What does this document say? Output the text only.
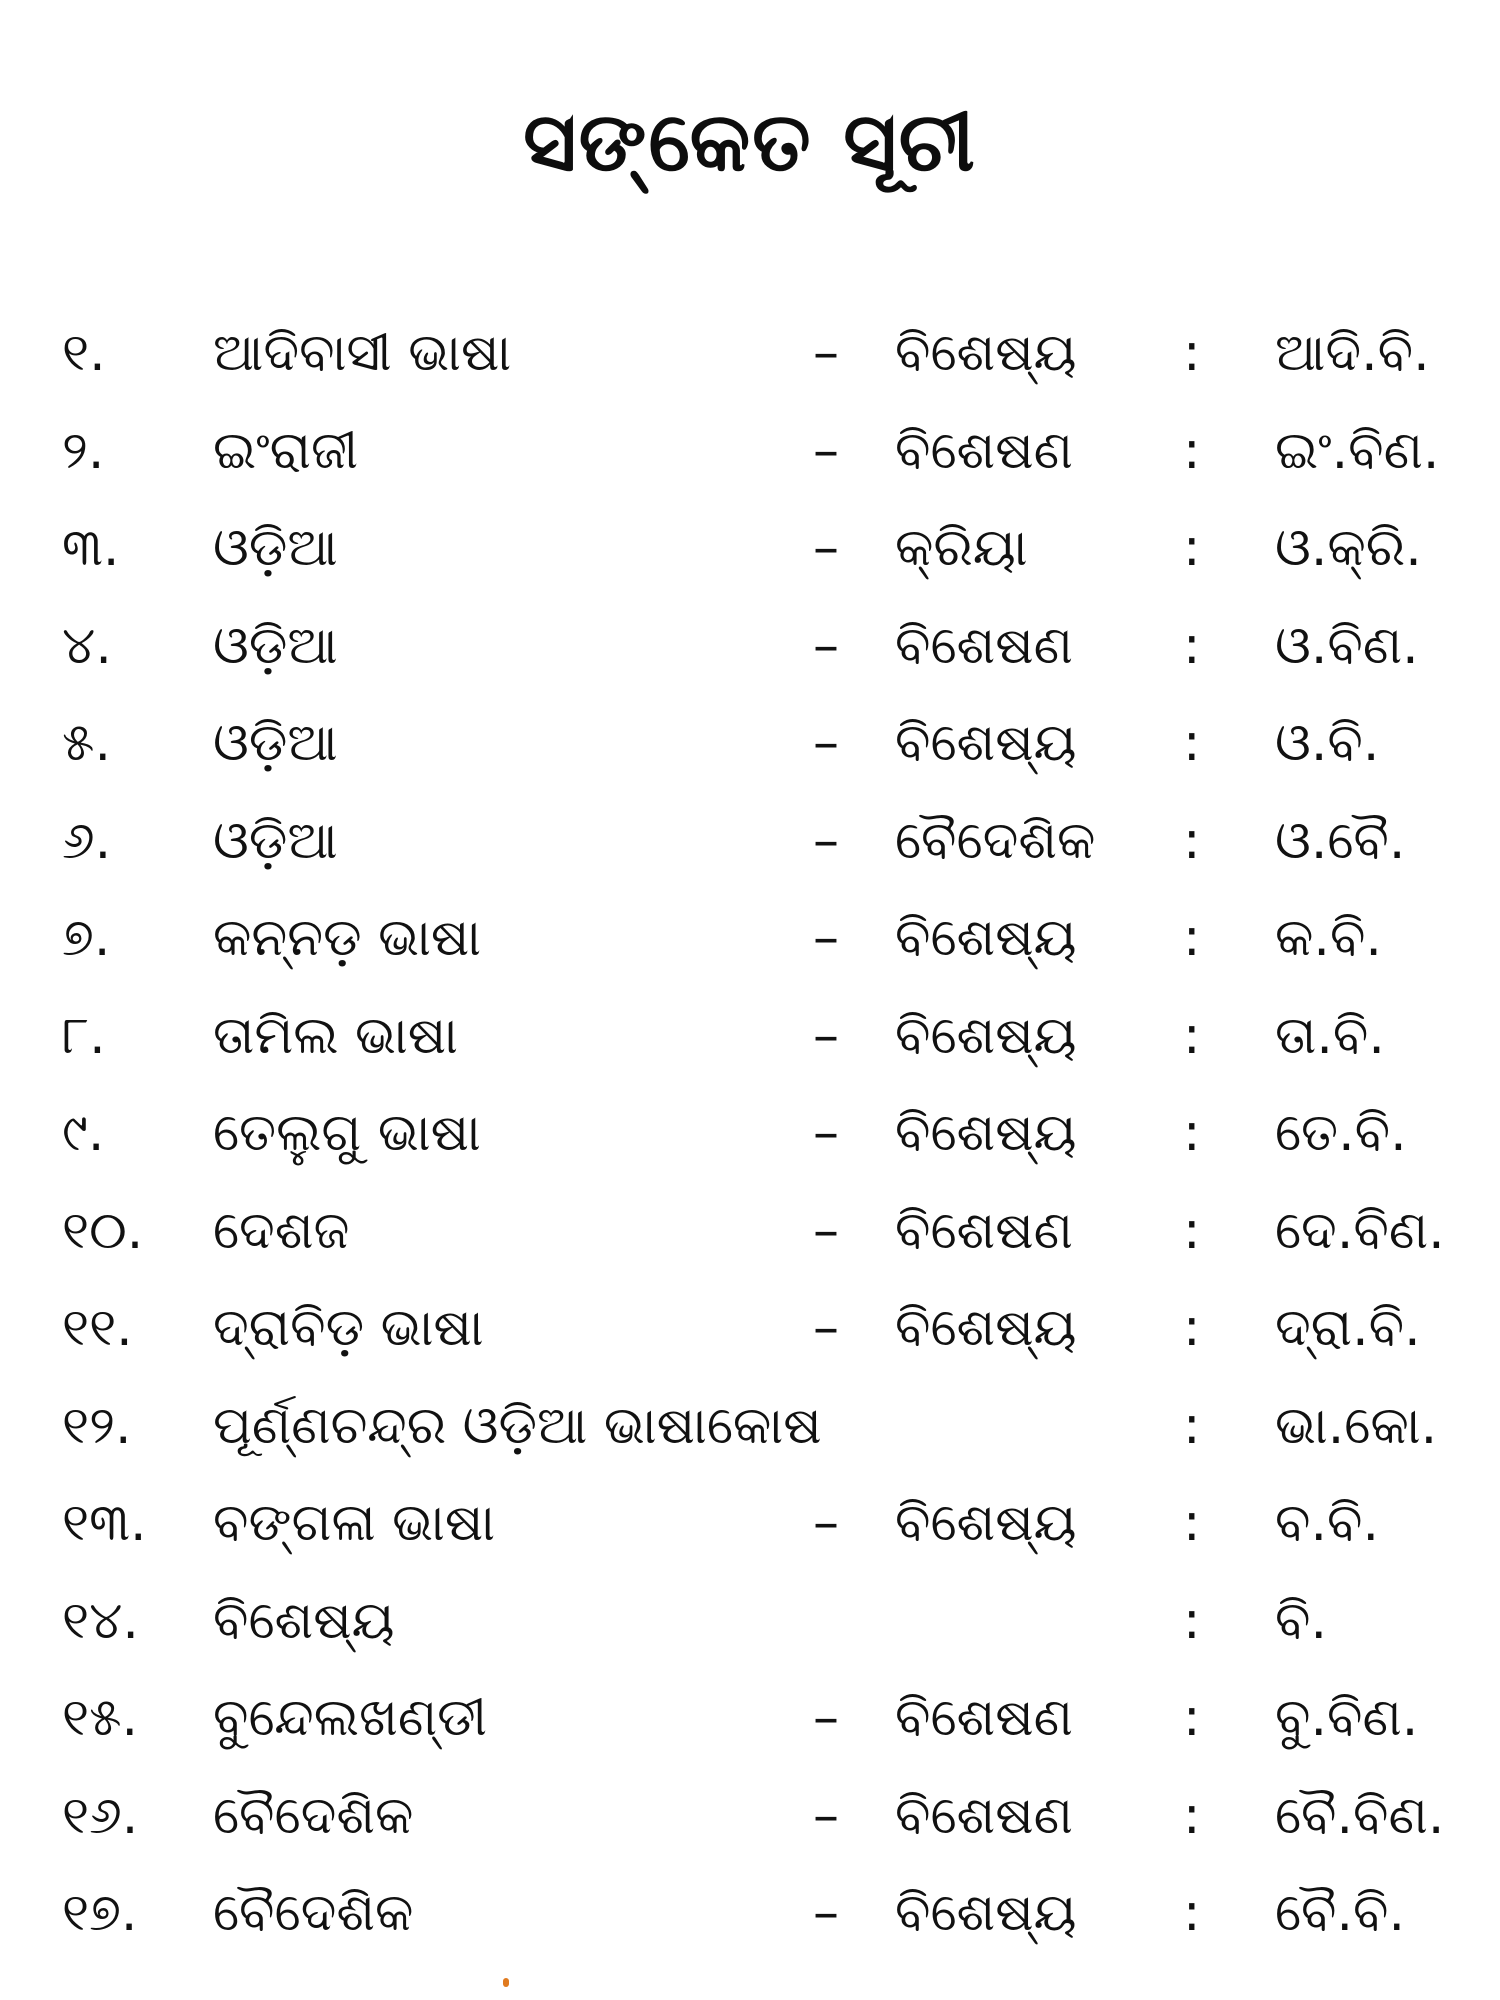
ସଙ୍କେତ ସୂଚୀ
୧. ଆଦିବାସୀ ଭାଷା	– ବିଶେଷ୍ୟ : ଆଦି.ବି.
୨. ଇଂରାଜୀ	– ବିଶେଷଣ : ଇଂ.ବିଣ.
୩. ଓଡ଼ିଆ	– କ୍ରିୟା	: ଓ.କ୍ରି.
୪. ଓଡ଼ିଆ	– ବିଶେଷଣ : ଓ.ବିଣ.
୫. ଓଡ଼ିଆ	– ବିଶେଷ୍ୟ : ଓ.ବି.
୬. ଓଡ଼ିଆ	– ବୈଦେଶିକ : ଓ.ବୈ.
୭. କନ୍ନଡ଼ ଭାଷା	– ବିଶେଷ୍ୟ : କ.ବି.
୮. ତାମିଲ ଭାଷା	– ବିଶେଷ୍ୟ : ତା.ବି.
୯. ତେଲୁଗୁ ଭାଷା	– ବିଶେଷ୍ୟ : ତେ.ବି.
୧୦. ଦେଶଜ	– ବିଶେଷଣ : ଦେ.ବିଣ.
୧୧. ଦ୍ରାବିଡ଼ ଭାଷା	– ବିଶେଷ୍ୟ : ଦ୍ରା.ବି.
୧୨. ପୂର୍ଣ୍ଣଚନ୍ଦ୍ର ଓଡ଼ିଆ ଭାଷାକୋଷ	: ଭା.କୋ.
୧୩. ବଙ୍ଗଳା ଭାଷା	– ବିଶେଷ୍ୟ : ବ.ବି.
୧୪. ବିଶେଷ୍ୟ	: ବି.
୧୫. ବୁନ୍ଦେଲଖଣ୍ଡୀ	– ବିଶେଷଣ : ବୁ.ବିଣ.
୧୬. ବୈଦେଶିକ	– ବିଶେଷଣ : ବୈ.ବିଣ.
୧୭. ବୈଦେଶିକ	– ବିଶେଷ୍ୟ : ବୈ.ବି.
